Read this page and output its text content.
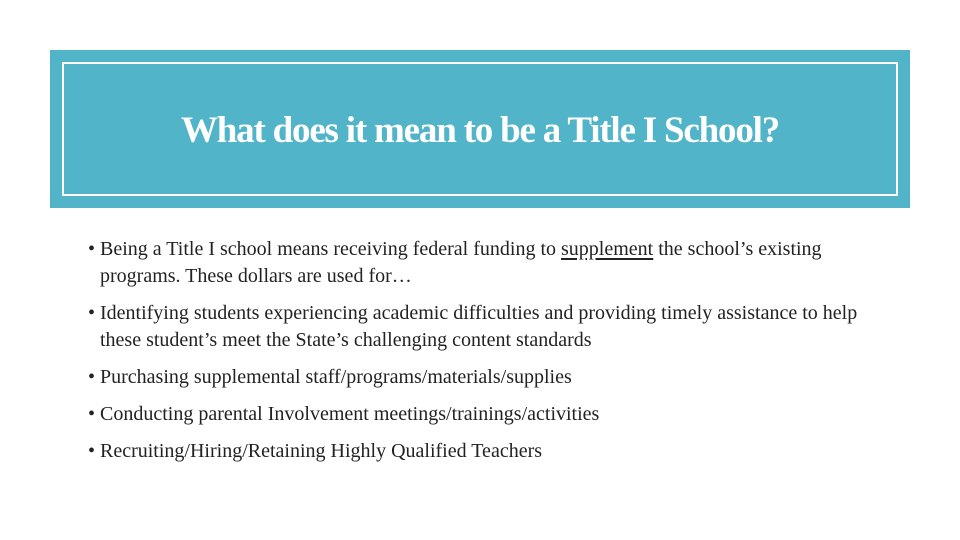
What does it mean to be a Title I School?
• Being a Title I school means receiving federal funding to supplement the school’s existing programs. These dollars are used for…
• Identifying students experiencing academic difficulties and providing timely assistance to help these student’s meet the State’s challenging content standards
• Purchasing supplemental staff/programs/materials/supplies
• Conducting parental Involvement meetings/trainings/activities
• Recruiting/Hiring/Retaining Highly Qualified Teachers
